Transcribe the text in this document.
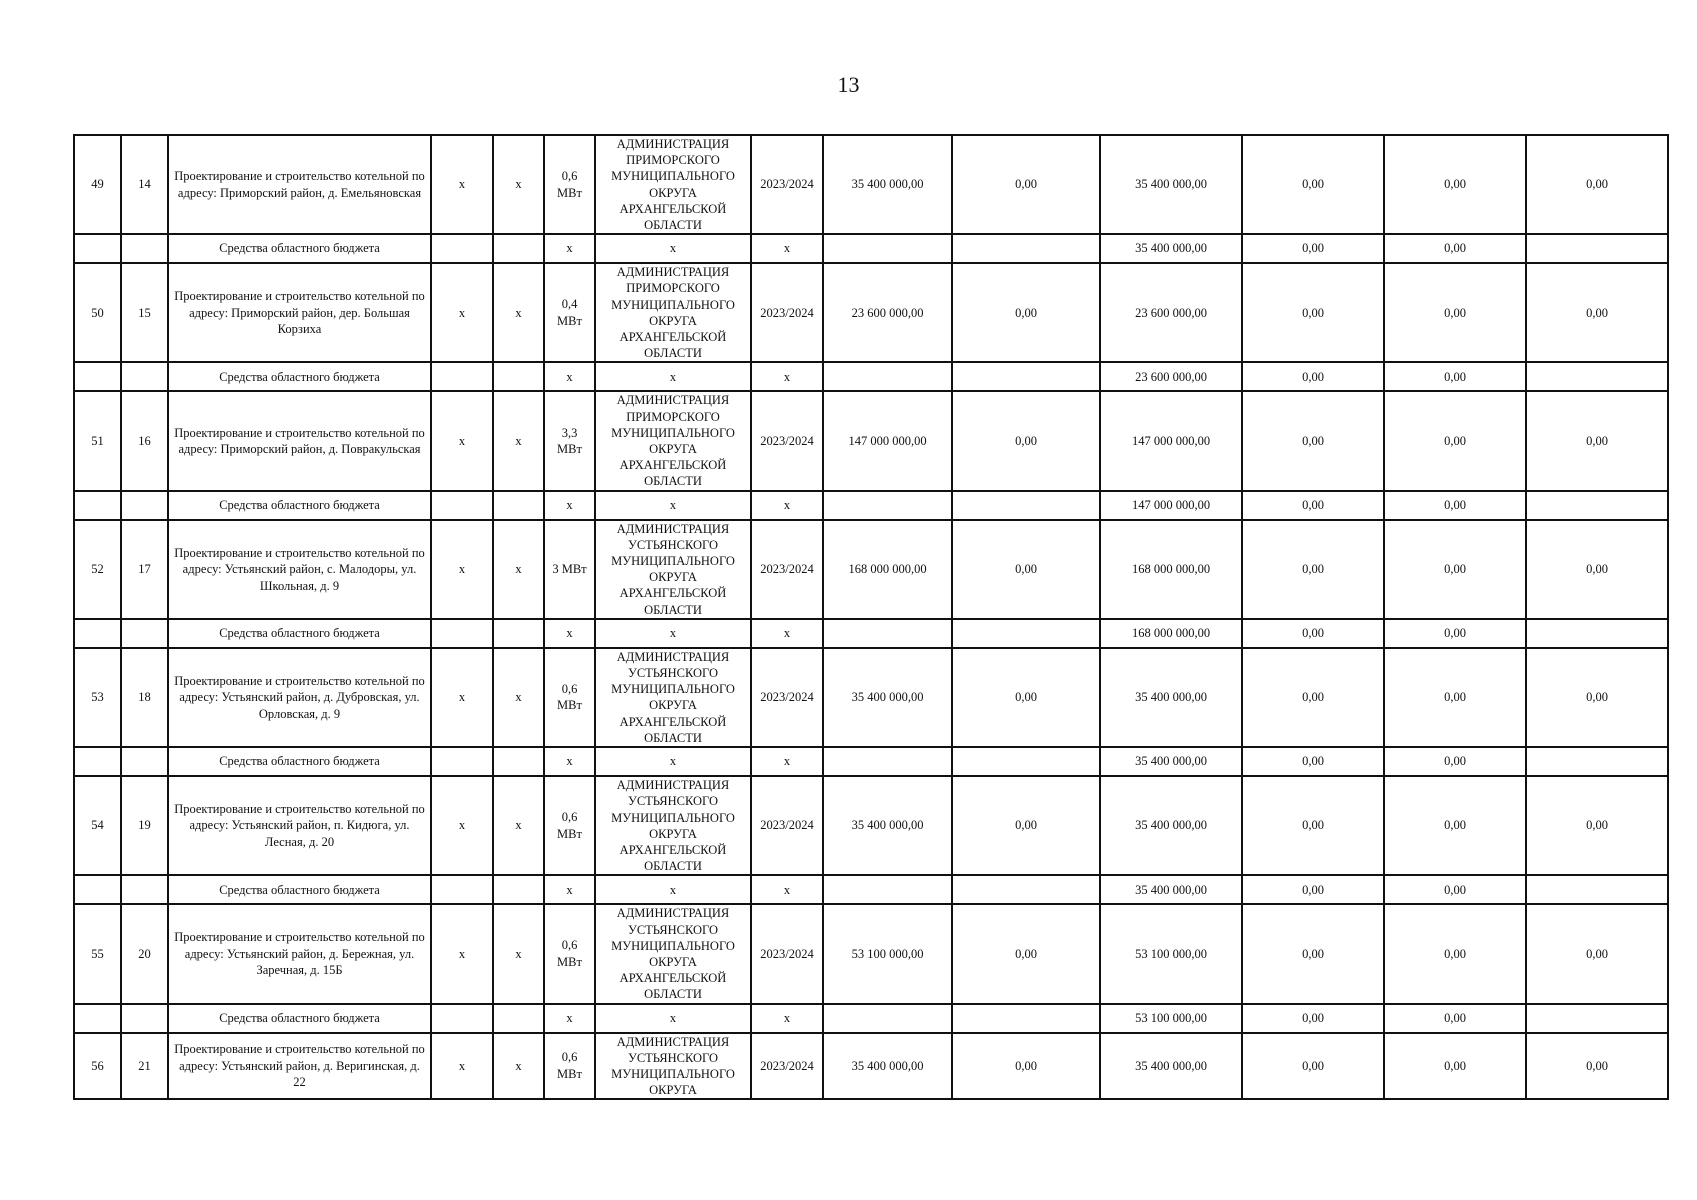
13
49	14	Проектирование и строительство котельной по адресу: Приморский район, д. Емельяновская	x	x	0,6 МВт	АДМИНИСТРАЦИЯ ПРИМОРСКОГО МУНИЦИПАЛЬНОГО ОКРУГА АРХАНГЕЛЬСКОЙ ОБЛАСТИ	2023/2024	35 400 000,00	0,00	35 400 000,00	0,00	0,00	0,00
		Средства областного бюджета			x	x	x			35 400 000,00	0,00	0,00	
50	15	Проектирование и строительство котельной по адресу: Приморский район, дер. Большая Корзиха	x	x	0,4 МВт	АДМИНИСТРАЦИЯ ПРИМОРСКОГО МУНИЦИПАЛЬНОГО ОКРУГА АРХАНГЕЛЬСКОЙ ОБЛАСТИ	2023/2024	23 600 000,00	0,00	23 600 000,00	0,00	0,00	0,00
		Средства областного бюджета			x	x	x			23 600 000,00	0,00	0,00	
51	16	Проектирование и строительство котельной по адресу: Приморский район, д. Повракульская	x	x	3,3 МВт	АДМИНИСТРАЦИЯ ПРИМОРСКОГО МУНИЦИПАЛЬНОГО ОКРУГА АРХАНГЕЛЬСКОЙ ОБЛАСТИ	2023/2024	147 000 000,00	0,00	147 000 000,00	0,00	0,00	0,00
		Средства областного бюджета			x	x	x			147 000 000,00	0,00	0,00	
52	17	Проектирование и строительство котельной по адресу: Устьянский район, с. Малодоры, ул. Школьная, д. 9	x	x	3 МВт	АДМИНИСТРАЦИЯ УСТЬЯНСКОГО МУНИЦИПАЛЬНОГО ОКРУГА АРХАНГЕЛЬСКОЙ ОБЛАСТИ	2023/2024	168 000 000,00	0,00	168 000 000,00	0,00	0,00	0,00
		Средства областного бюджета			x	x	x			168 000 000,00	0,00	0,00	
53	18	Проектирование и строительство котельной по адресу: Устьянский район, д. Дубровская, ул. Орловская, д. 9	x	x	0,6 МВт	АДМИНИСТРАЦИЯ УСТЬЯНСКОГО МУНИЦИПАЛЬНОГО ОКРУГА АРХАНГЕЛЬСКОЙ ОБЛАСТИ	2023/2024	35 400 000,00	0,00	35 400 000,00	0,00	0,00	0,00
		Средства областного бюджета			x	x	x			35 400 000,00	0,00	0,00	
54	19	Проектирование и строительство котельной по адресу: Устьянский район, п. Кидюга, ул. Лесная, д. 20	x	x	0,6 МВт	АДМИНИСТРАЦИЯ УСТЬЯНСКОГО МУНИЦИПАЛЬНОГО ОКРУГА АРХАНГЕЛЬСКОЙ ОБЛАСТИ	2023/2024	35 400 000,00	0,00	35 400 000,00	0,00	0,00	0,00
		Средства областного бюджета			x	x	x			35 400 000,00	0,00	0,00	
55	20	Проектирование и строительство котельной по адресу: Устьянский район, д. Бережная, ул. Заречная, д. 15Б	x	x	0,6 МВт	АДМИНИСТРАЦИЯ УСТЬЯНСКОГО МУНИЦИПАЛЬНОГО ОКРУГА АРХАНГЕЛЬСКОЙ ОБЛАСТИ	2023/2024	53 100 000,00	0,00	53 100 000,00	0,00	0,00	0,00
		Средства областного бюджета			x	x	x			53 100 000,00	0,00	0,00	
56	21	Проектирование и строительство котельной по адресу: Устьянский район, д. Веригинская, д. 22	x	x	0,6 МВт	АДМИНИСТРАЦИЯ УСТЬЯНСКОГО МУНИЦИПАЛЬНОГО ОКРУГА	2023/2024	35 400 000,00	0,00	35 400 000,00	0,00	0,00	0,00
